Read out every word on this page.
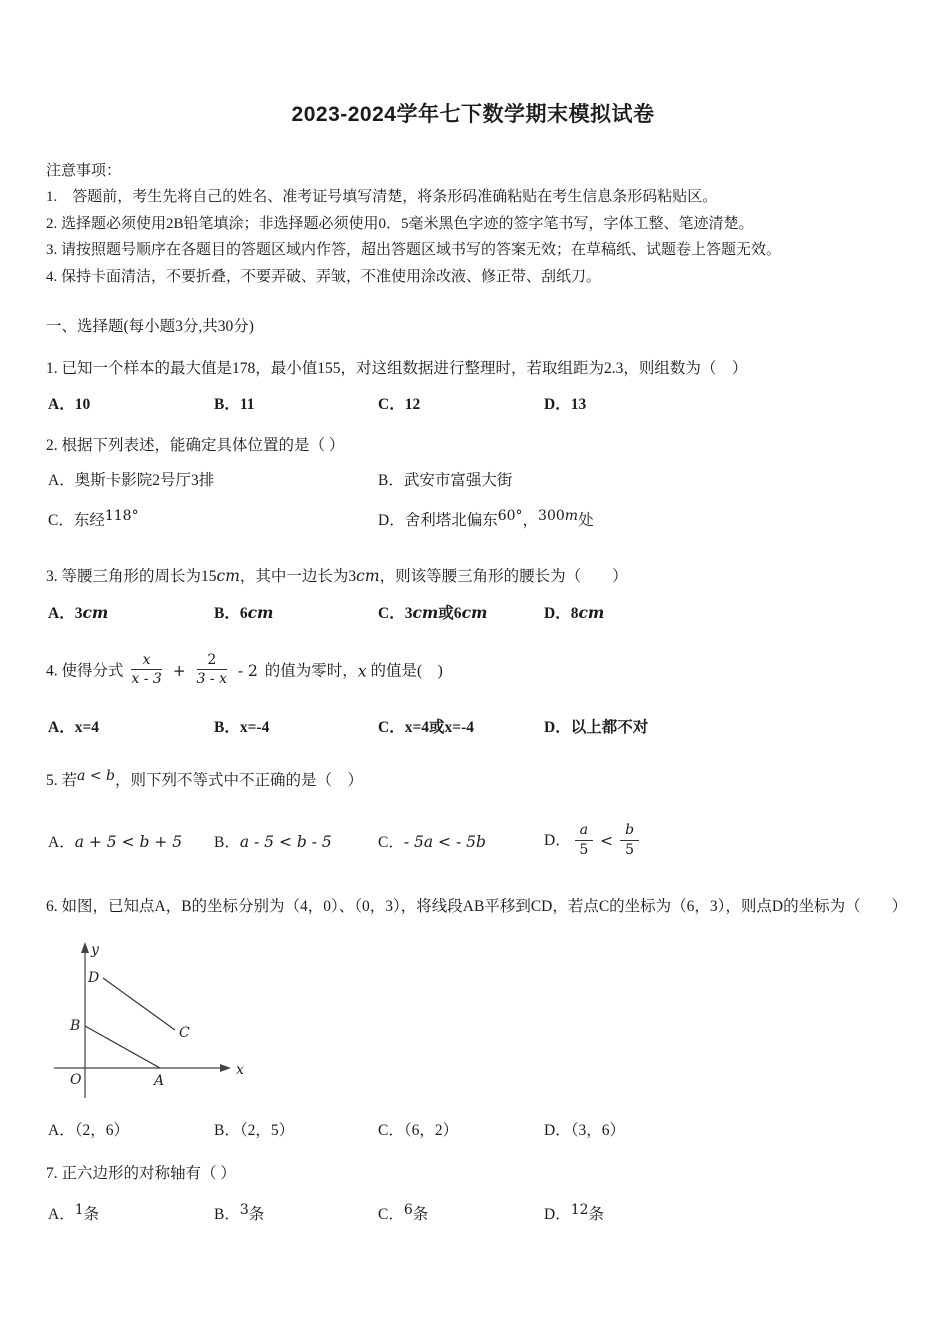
2023-2024学年七下数学期末模拟试卷
注意事项：
1.　答题前，考生先将自己的姓名、准考证号填写清楚，将条形码准确粘贴在考生信息条形码粘贴区。
2. 选择题必须使用2B铅笔填涂；非选择题必须使用0．5毫米黑色字迹的签字笔书写，字体工整、笔迹清楚。
3. 请按照题号顺序在各题目的答题区域内作答，超出答题区域书写的答案无效；在草稿纸、试题卷上答题无效。
4. 保持卡面清洁，不要折叠，不要弄破、弄皱，不准使用涂改液、修正带、刮纸刀。
一、选择题(每小题3分,共30分)
1. 已知一个样本的最大值是178，最小值155，对这组数据进行整理时，若取组距为2.3，则组数为（　）
A．10	B．11	C．12	D．13
2. 根据下列表述，能确定具体位置的是（ ）
A．奥斯卡影院2号厅3排	B．武安市富强大街
C．东经118°	D．舍利塔北偏东60°，300m处
3. 等腰三角形的周长为15cm，其中一边长为3cm，则该等腰三角形的腰长为（　　）
A．3cm	B．6cm	C．3cm或6cm	D．8cm
4. 使得分式 $\frac{x}{x - 3} + \frac{2}{3 - x} - 2$ 的值为零时，x 的值是(　)
A．x=4	B．x=-4	C．x=4或x=-4	D．以上都不对
5. 若a < b，则下列不等式中不正确的是（　）
A．a + 5 < b + 5	B．a - 5 < b - 5	C．- 5a < - 5b	D． $\frac{a}{5} < \frac{b}{5}$
6. 如图，已知点A，B的坐标分别为（4，0）、（0，3），将线段AB平移到CD，若点C的坐标为（6，3），则点D的坐标为（　　）
y
x
O
B
A
D
C
A．（2，6）	B．（2，5）	C．（6，2）	D．（3，6）
7. 正六边形的对称轴有（ ）
A．1条	B．3条	C．6条	D．12条
